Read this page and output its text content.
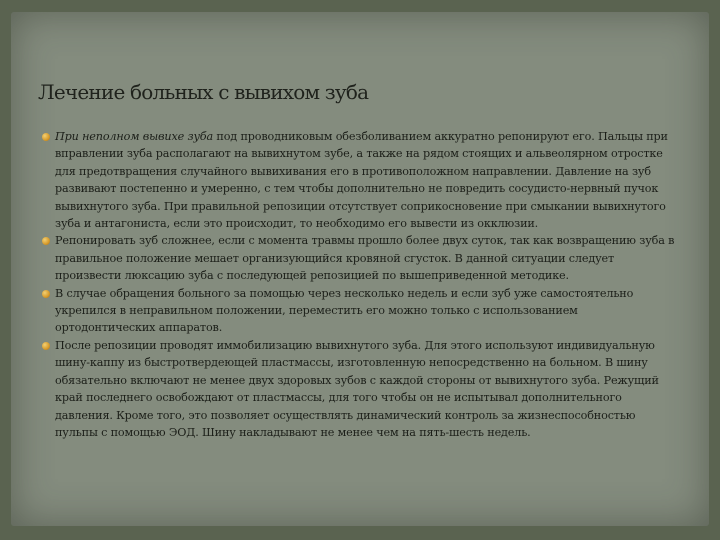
Лечение больных с вывихом зуба
При неполном вывихе зуба под проводниковым обезболиванием аккуратно репонируют его. Пальцы при вправлении зуба располагают на вывихнутом зубе, а также на рядом стоящих и альвеолярном отростке для предотвращения случайного вывихивания его в противоположном направлении. Давление на зуб развивают постепенно и умеренно, с тем чтобы дополнительно не повредить сосудисто-нервный пучок вывихнутого зуба. При правильной репозиции отсутствует соприкосновение при смыкании вывихнутого зуба и антагониста, если это происходит, то необходимо его вывести из окклюзии.
Репонировать зуб сложнее, если с момента травмы прошло более двух суток, так как возвращению зуба в правильное положение мешает организующийся кровяной сгусток. В данной ситуации следует произвести люксацию зуба с последующей репозицией по вышеприведенной методике.
В случае обращения больного за помощью через несколько недель и если зуб уже самостоятельно укрепился в неправильном положении, переместить его можно только с использованием ортодонтических аппаратов.
После репозиции проводят иммобилизацию вывихнутого зуба. Для этого используют индивидуальную шину-каппу из быстротвердеющей пластмассы, изготовленную непосредственно на больном. В шину обязательно включают не менее двух здоровых зубов с каждой стороны от вывихнутого зуба. Режущий край последнего освобождают от пластмассы, для того чтобы он не испытывал дополнительного давления. Кроме того, это позволяет осуществлять динамический контроль за жизнеспособностью пульпы с помощью ЭОД. Шину накладывают не менее чем на пять-шесть недель.
